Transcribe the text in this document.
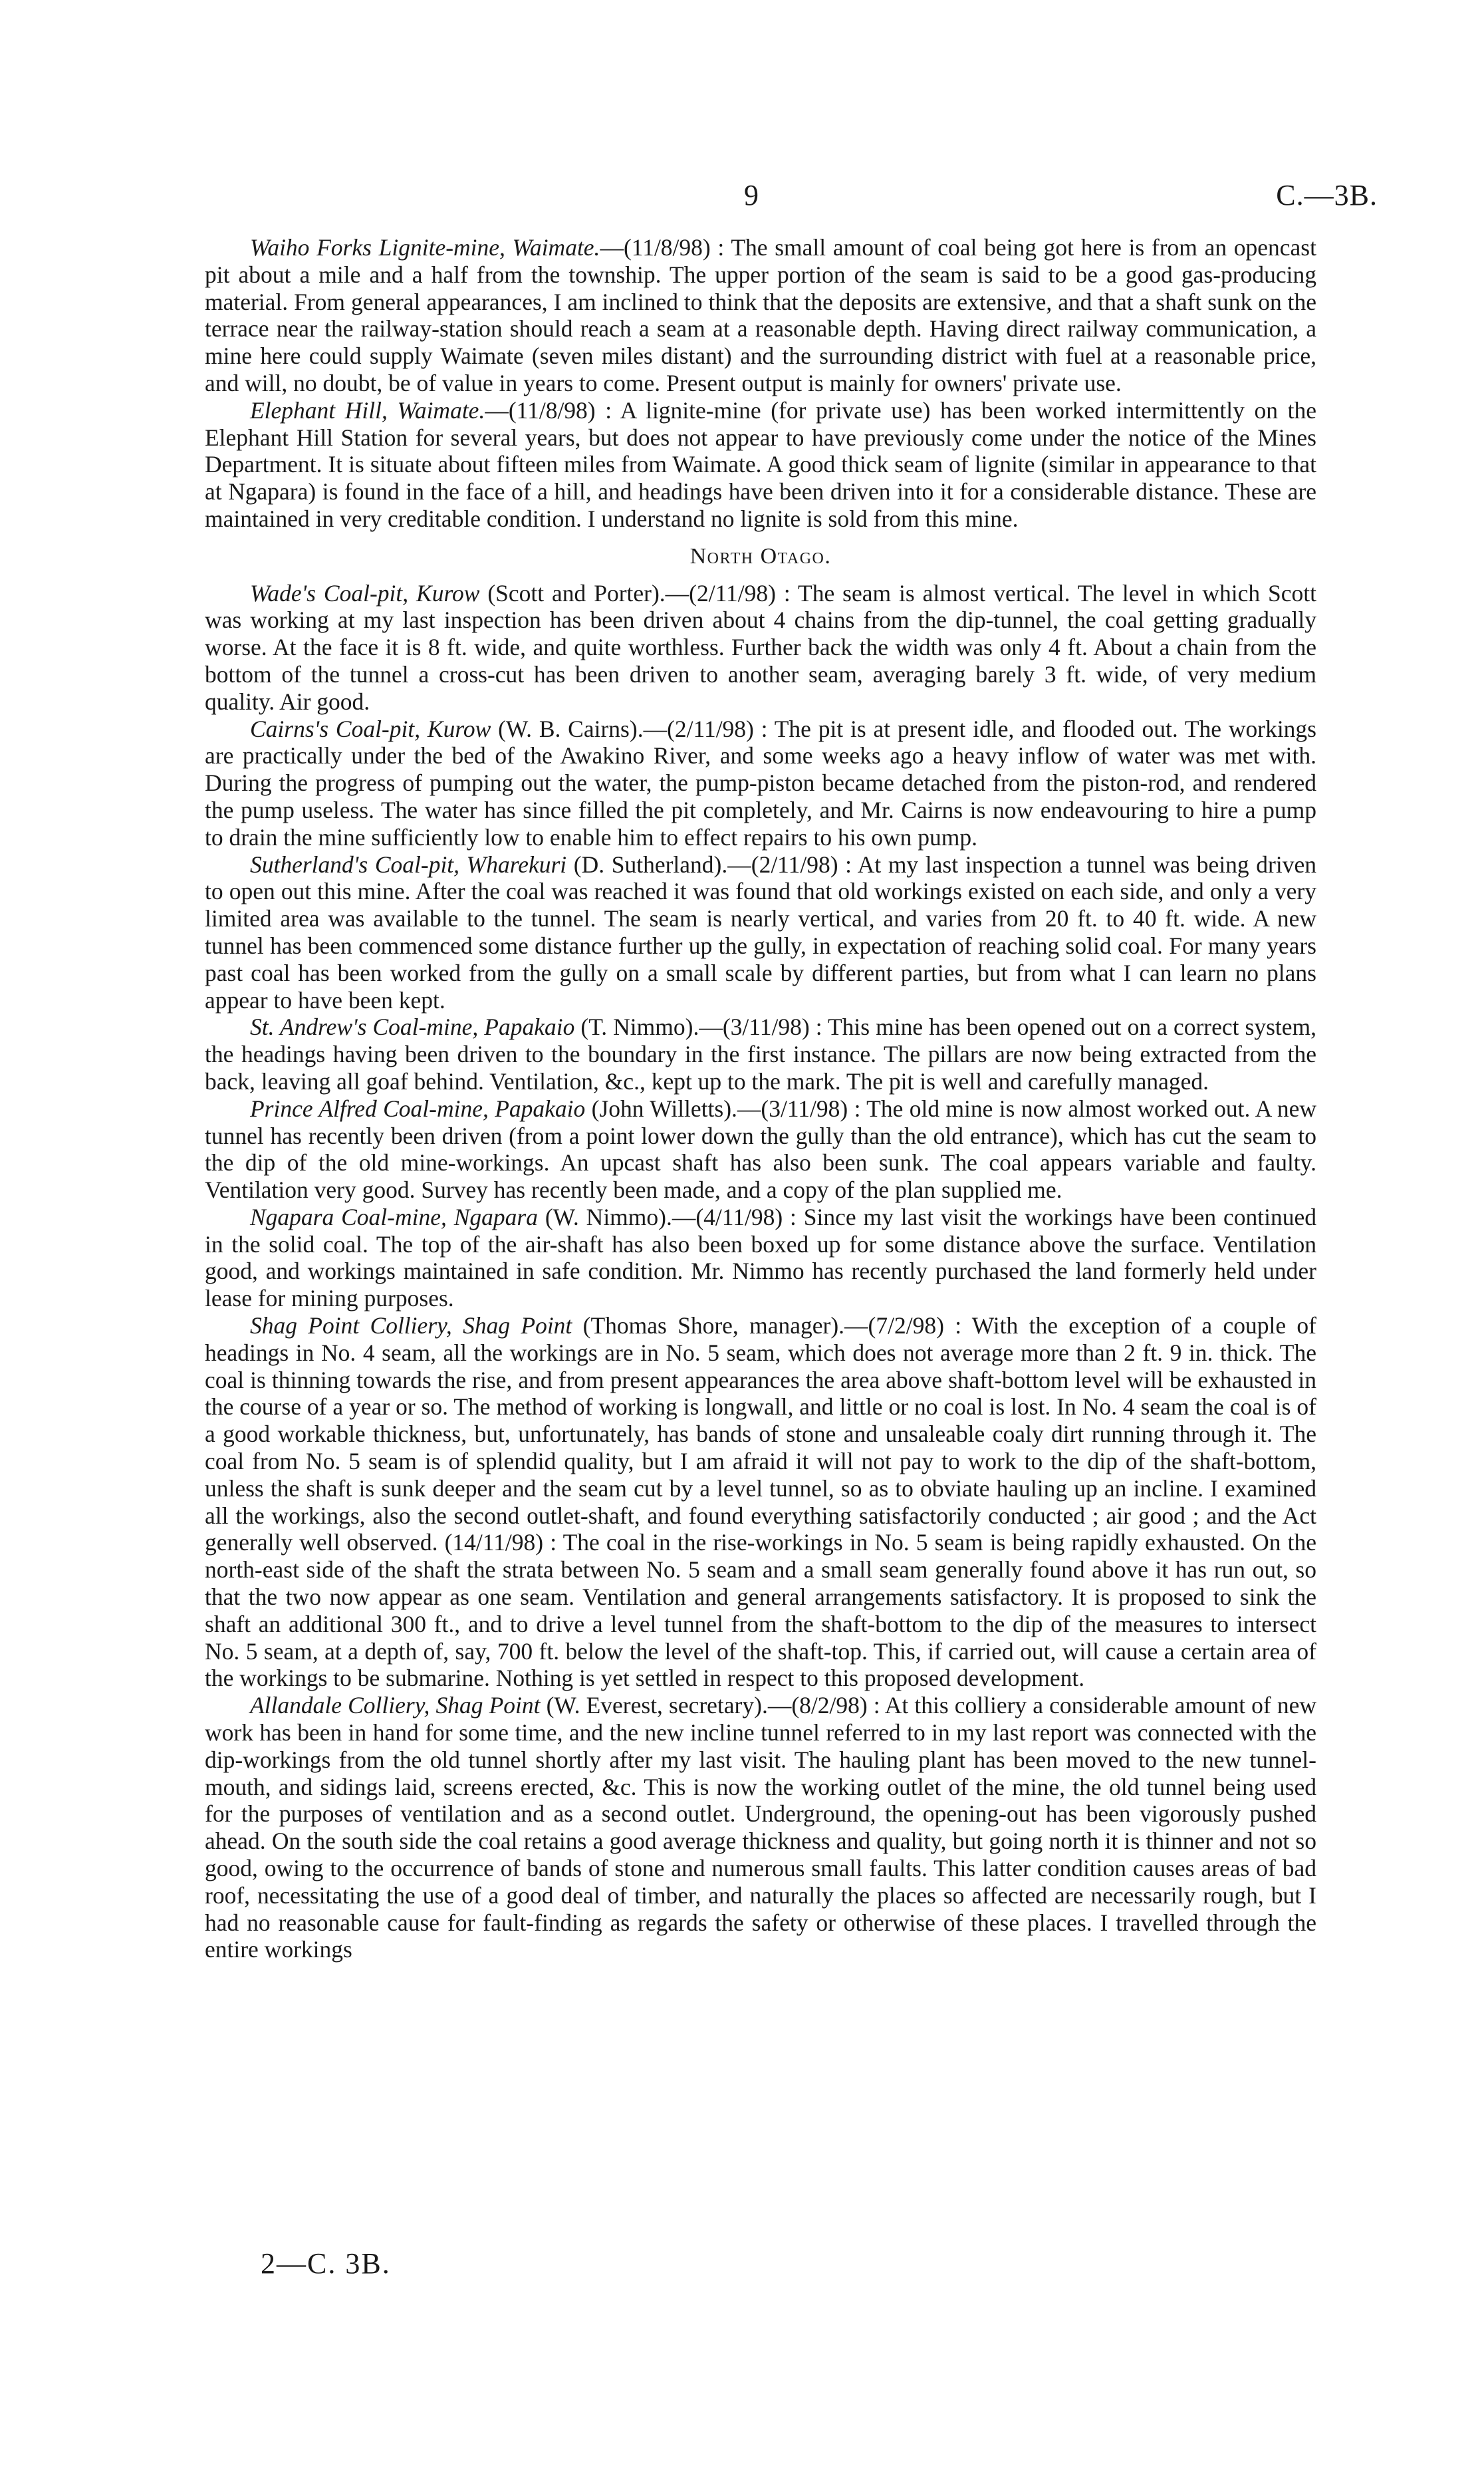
9	C.—3B.

Waiho Forks Lignite-mine, Waimate.—(11/8/98) : The small amount of coal being got here is from an opencast pit about a mile and a half from the township. The upper portion of the seam is said to be a good gas-producing material. From general appearances, I am inclined to think that the deposits are extensive, and that a shaft sunk on the terrace near the railway-station should reach a seam at a reasonable depth. Having direct railway communication, a mine here could supply Waimate (seven miles distant) and the surrounding district with fuel at a reasonable price, and will, no doubt, be of value in years to come. Present output is mainly for owners' private use.

Elephant Hill, Waimate.—(11/8/98) : A lignite-mine (for private use) has been worked intermittently on the Elephant Hill Station for several years, but does not appear to have previously come under the notice of the Mines Department. It is situate about fifteen miles from Waimate. A good thick seam of lignite (similar in appearance to that at Ngapara) is found in the face of a hill, and headings have been driven into it for a considerable distance. These are maintained in very creditable condition. I understand no lignite is sold from this mine.

North Otago.

Wade's Coal-pit, Kurow (Scott and Porter).—(2/11/98) : The seam is almost vertical. The level in which Scott was working at my last inspection has been driven about 4 chains from the dip-tunnel, the coal getting gradually worse. At the face it is 8 ft. wide, and quite worthless. Further back the width was only 4 ft. About a chain from the bottom of the tunnel a cross-cut has been driven to another seam, averaging barely 3 ft. wide, of very medium quality. Air good.

Cairns's Coal-pit, Kurow (W. B. Cairns).—(2/11/98) : The pit is at present idle, and flooded out. The workings are practically under the bed of the Awakino River, and some weeks ago a heavy inflow of water was met with. During the progress of pumping out the water, the pump-piston became detached from the piston-rod, and rendered the pump useless. The water has since filled the pit completely, and Mr. Cairns is now endeavouring to hire a pump to drain the mine sufficiently low to enable him to effect repairs to his own pump.

Sutherland's Coal-pit, Wharekuri (D. Sutherland).—(2/11/98) : At my last inspection a tunnel was being driven to open out this mine. After the coal was reached it was found that old workings existed on each side, and only a very limited area was available to the tunnel. The seam is nearly vertical, and varies from 20 ft. to 40 ft. wide. A new tunnel has been commenced some distance further up the gully, in expectation of reaching solid coal. For many years past coal has been worked from the gully on a small scale by different parties, but from what I can learn no plans appear to have been kept.

St. Andrew's Coal-mine, Papakaio (T. Nimmo).—(3/11/98) : This mine has been opened out on a correct system, the headings having been driven to the boundary in the first instance. The pillars are now being extracted from the back, leaving all goaf behind. Ventilation, &c., kept up to the mark. The pit is well and carefully managed.

Prince Alfred Coal-mine, Papakaio (John Willetts).—(3/11/98) : The old mine is now almost worked out. A new tunnel has recently been driven (from a point lower down the gully than the old entrance), which has cut the seam to the dip of the old mine-workings. An upcast shaft has also been sunk. The coal appears variable and faulty. Ventilation very good. Survey has recently been made, and a copy of the plan supplied me.

Ngapara Coal-mine, Ngapara (W. Nimmo).—(4/11/98) : Since my last visit the workings have been continued in the solid coal. The top of the air-shaft has also been boxed up for some distance above the surface. Ventilation good, and workings maintained in safe condition. Mr. Nimmo has recently purchased the land formerly held under lease for mining purposes.

Shag Point Colliery, Shag Point (Thomas Shore, manager).—(7/2/98) : With the exception of a couple of headings in No. 4 seam, all the workings are in No. 5 seam, which does not average more than 2 ft. 9 in. thick. The coal is thinning towards the rise, and from present appearances the area above shaft-bottom level will be exhausted in the course of a year or so. The method of working is longwall, and little or no coal is lost. In No. 4 seam the coal is of a good workable thickness, but, unfortunately, has bands of stone and unsaleable coaly dirt running through it. The coal from No. 5 seam is of splendid quality, but I am afraid it will not pay to work to the dip of the shaft-bottom, unless the shaft is sunk deeper and the seam cut by a level tunnel, so as to obviate hauling up an incline. I examined all the workings, also the second outlet-shaft, and found everything satisfactorily conducted ; air good ; and the Act generally well observed. (14/11/98) : The coal in the rise-workings in No. 5 seam is being rapidly exhausted. On the north-east side of the shaft the strata between No. 5 seam and a small seam generally found above it has run out, so that the two now appear as one seam. Ventilation and general arrangements satisfactory. It is proposed to sink the shaft an additional 300 ft., and to drive a level tunnel from the shaft-bottom to the dip of the measures to intersect No. 5 seam, at a depth of, say, 700 ft. below the level of the shaft-top. This, if carried out, will cause a certain area of the workings to be submarine. Nothing is yet settled in respect to this proposed development.

Allandale Colliery, Shag Point (W. Everest, secretary).—(8/2/98) : At this colliery a considerable amount of new work has been in hand for some time, and the new incline tunnel referred to in my last report was connected with the dip-workings from the old tunnel shortly after my last visit. The hauling plant has been moved to the new tunnel-mouth, and sidings laid, screens erected, &c. This is now the working outlet of the mine, the old tunnel being used for the purposes of ventilation and as a second outlet. Underground, the opening-out has been vigorously pushed ahead. On the south side the coal retains a good average thickness and quality, but going north it is thinner and not so good, owing to the occurrence of bands of stone and numerous small faults. This latter condition causes areas of bad roof, necessitating the use of a good deal of timber, and naturally the places so affected are necessarily rough, but I had no reasonable cause for fault-finding as regards the safety or otherwise of these places. I travelled through the entire workings

2—C. 3B.
